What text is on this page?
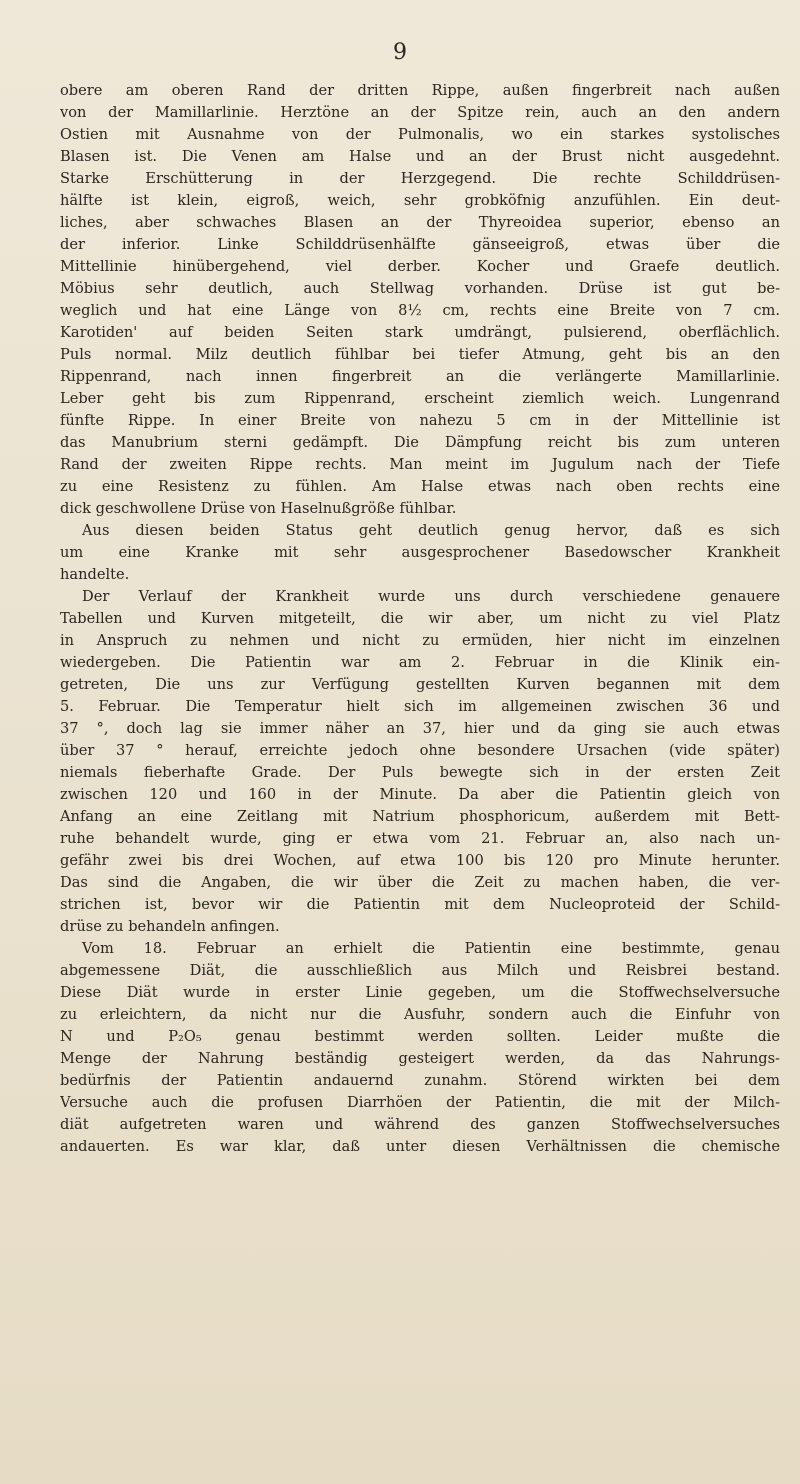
9
obere am oberen Rand der dritten Rippe, außen fingerbreit nach außen
von der Mamillarlinie. Herztöne an der Spitze rein, auch an den andern
Ostien mit Ausnahme von der Pulmonalis, wo ein starkes systolisches
Blasen ist. Die Venen am Halse und an der Brust nicht ausgedehnt.
Starke Erschütterung in der Herzgegend. Die rechte Schilddrüsen-
hälfte ist klein, eigroß, weich, sehr grobköfnig anzufühlen. Ein deut-
liches, aber schwaches Blasen an der Thyreoidea superior, ebenso an
der inferior. Linke Schilddrüsenhälfte gänseeigroß, etwas über die
Mittellinie hinübergehend, viel derber. Kocher und Graefe deutlich.
Möbius sehr deutlich, auch Stellwag vorhanden. Drüse ist gut be-
weglich und hat eine Länge von 8½ cm, rechts eine Breite von 7 cm.
Karotiden' auf beiden Seiten stark umdrängt, pulsierend, oberflächlich.
Puls normal. Milz deutlich fühlbar bei tiefer Atmung, geht bis an den
Rippenrand, nach innen fingerbreit an die verlängerte Mamillarlinie.
Leber geht bis zum Rippenrand, erscheint ziemlich weich. Lungenrand
fünfte Rippe. In einer Breite von nahezu 5 cm in der Mittellinie ist
das Manubrium sterni gedämpft. Die Dämpfung reicht bis zum unteren
Rand der zweiten Rippe rechts. Man meint im Jugulum nach der Tiefe
zu eine Resistenz zu fühlen. Am Halse etwas nach oben rechts eine
dick geschwollene Drüse von Haselnußgröße fühlbar.
Aus diesen beiden Status geht deutlich genug hervor, daß es sich
um eine Kranke mit sehr ausgesprochener Basedowscher Krankheit
handelte.
Der Verlauf der Krankheit wurde uns durch verschiedene genauere
Tabellen und Kurven mitgeteilt, die wir aber, um nicht zu viel Platz
in Anspruch zu nehmen und nicht zu ermüden, hier nicht im einzelnen
wiedergeben. Die Patientin war am 2. Februar in die Klinik ein-
getreten, Die uns zur Verfügung gestellten Kurven begannen mit dem
5. Februar. Die Temperatur hielt sich im allgemeinen zwischen 36 und
37 °, doch lag sie immer näher an 37, hier und da ging sie auch etwas
über 37 ° herauf, erreichte jedoch ohne besondere Ursachen (vide später)
niemals fieberhafte Grade. Der Puls bewegte sich in der ersten Zeit
zwischen 120 und 160 in der Minute. Da aber die Patientin gleich von
Anfang an eine Zeitlang mit Natrium phosphoricum, außerdem mit Bett-
ruhe behandelt wurde, ging er etwa vom 21. Februar an, also nach un-
gefähr zwei bis drei Wochen, auf etwa 100 bis 120 pro Minute herunter.
Das sind die Angaben, die wir über die Zeit zu machen haben, die ver-
strichen ist, bevor wir die Patientin mit dem Nucleoproteid der Schild-
drüse zu behandeln anfingen.
Vom 18. Februar an erhielt die Patientin eine bestimmte, genau
abgemessene Diät, die ausschließlich aus Milch und Reisbrei bestand.
Diese Diät wurde in erster Linie gegeben, um die Stoffwechselversuche
zu erleichtern, da nicht nur die Ausfuhr, sondern auch die Einfuhr von
N und P₂O₅ genau bestimmt werden sollten. Leider mußte die
Menge der Nahrung beständig gesteigert werden, da das Nahrungs-
bedürfnis der Patientin andauernd zunahm. Störend wirkten bei dem
Versuche auch die profusen Diarrhöen der Patientin, die mit der Milch-
diät aufgetreten waren und während des ganzen Stoffwechselversuches
andauerten. Es war klar, daß unter diesen Verhältnissen die chemische
